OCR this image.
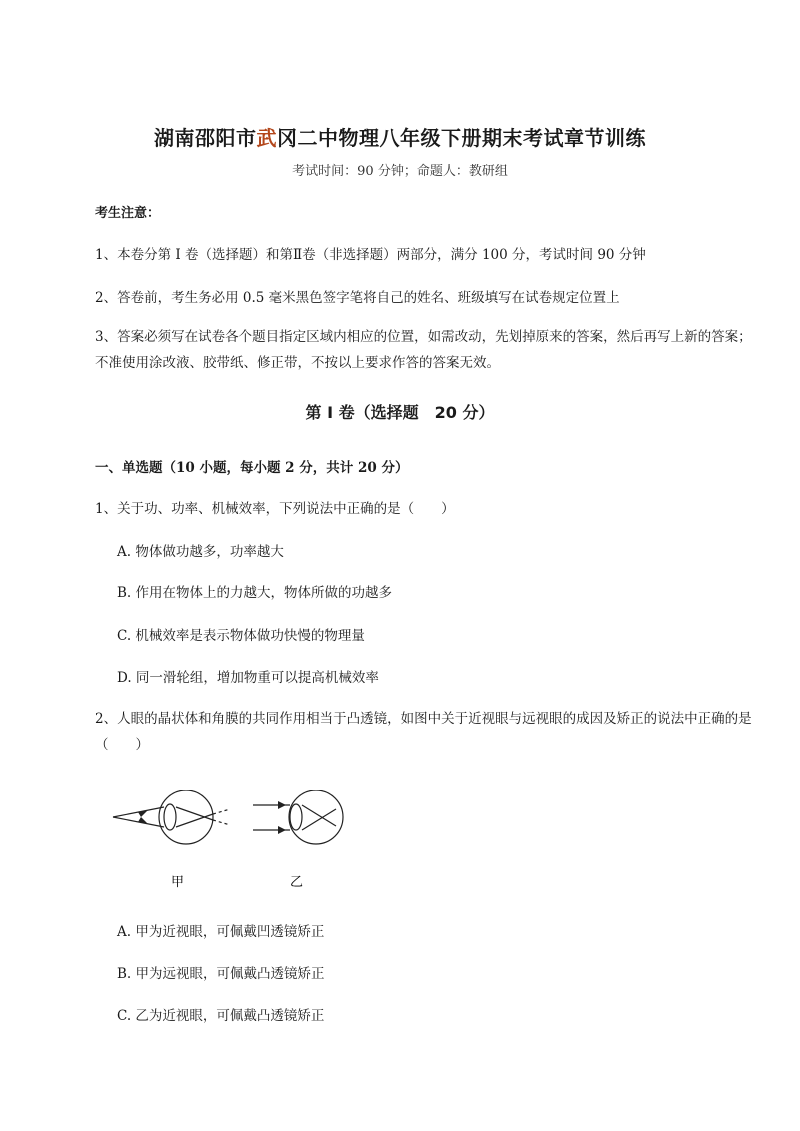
湖南邵阳市武冈二中物理八年级下册期末考试章节训练
考试时间：90 分钟；命题人：教研组
考生注意：
1、本卷分第 I 卷（选择题）和第Ⅱ卷（非选择题）两部分，满分 100 分，考试时间 90 分钟
2、答卷前，考生务必用 0.5 毫米黑色签字笔将自己的姓名、班级填写在试卷规定位置上
3、答案必须写在试卷各个题目指定区域内相应的位置，如需改动，先划掉原来的答案，然后再写上新的答案；不准使用涂改液、胶带纸、修正带，不按以上要求作答的答案无效。
第 I 卷（选择题　20 分）
一、单选题（10 小题，每小题 2 分，共计 20 分）
1、关于功、功率、机械效率，下列说法中正确的是（　　）
A. 物体做功越多，功率越大
B. 作用在物体上的力越大，物体所做的功越多
C. 机械效率是表示物体做功快慢的物理量
D. 同一滑轮组，增加物重可以提高机械效率
2、人眼的晶状体和角膜的共同作用相当于凸透镜，如图中关于近视眼与远视眼的成因及矫正的说法中正确的是（　　）
甲	乙
A. 甲为近视眼，可佩戴凹透镜矫正
B. 甲为远视眼，可佩戴凸透镜矫正
C. 乙为近视眼，可佩戴凸透镜矫正
